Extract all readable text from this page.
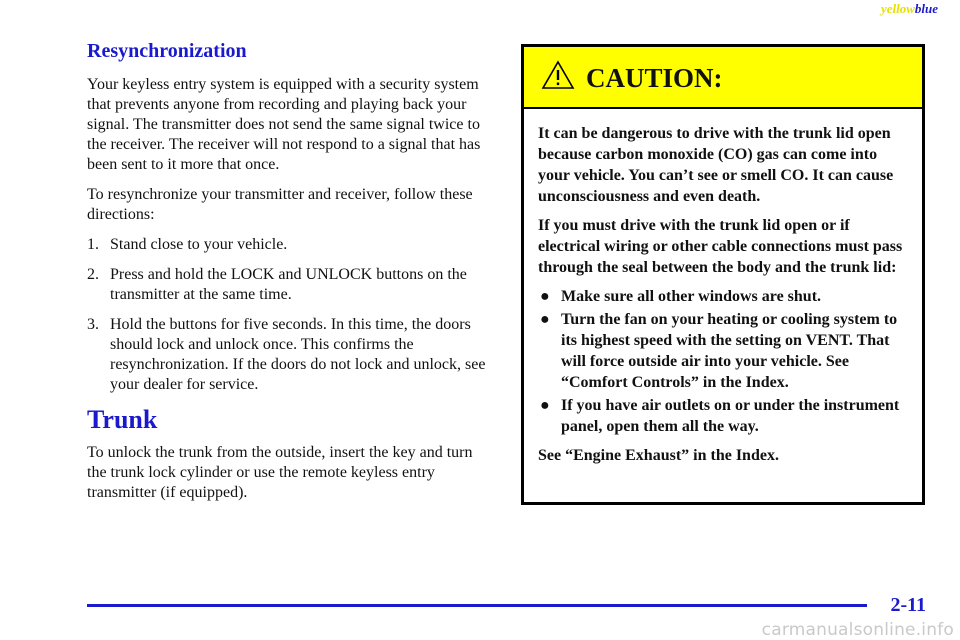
yellowblue
Resynchronization

Your keyless entry system is equipped with a security system that prevents anyone from recording and playing back your signal. The transmitter does not send the same signal twice to the receiver. The receiver will not respond to a signal that has been sent to it more that once.

To resynchronize your transmitter and receiver, follow these directions:

1. Stand close to your vehicle.
2. Press and hold the LOCK and UNLOCK buttons on the transmitter at the same time.
3. Hold the buttons for five seconds. In this time, the doors should lock and unlock once. This confirms the resynchronization. If the doors do not lock and unlock, see your dealer for service.
Trunk

To unlock the trunk from the outside, insert the key and turn the trunk lock cylinder or use the remote keyless entry transmitter (if equipped).

CAUTION:

It can be dangerous to drive with the trunk lid open because carbon monoxide (CO) gas can come into your vehicle. You can’t see or smell CO. It can cause unconsciousness and even death.

If you must drive with the trunk lid open or if electrical wiring or other cable connections must pass through the seal between the body and the trunk lid:

● Make sure all other windows are shut.
● Turn the fan on your heating or cooling system to its highest speed with the setting on VENT. That will force outside air into your vehicle. See “Comfort Controls” in the Index.
● If you have air outlets on or under the instrument panel, open them all the way.

See “Engine Exhaust” in the Index.

2-11
carmanualsonline.info
